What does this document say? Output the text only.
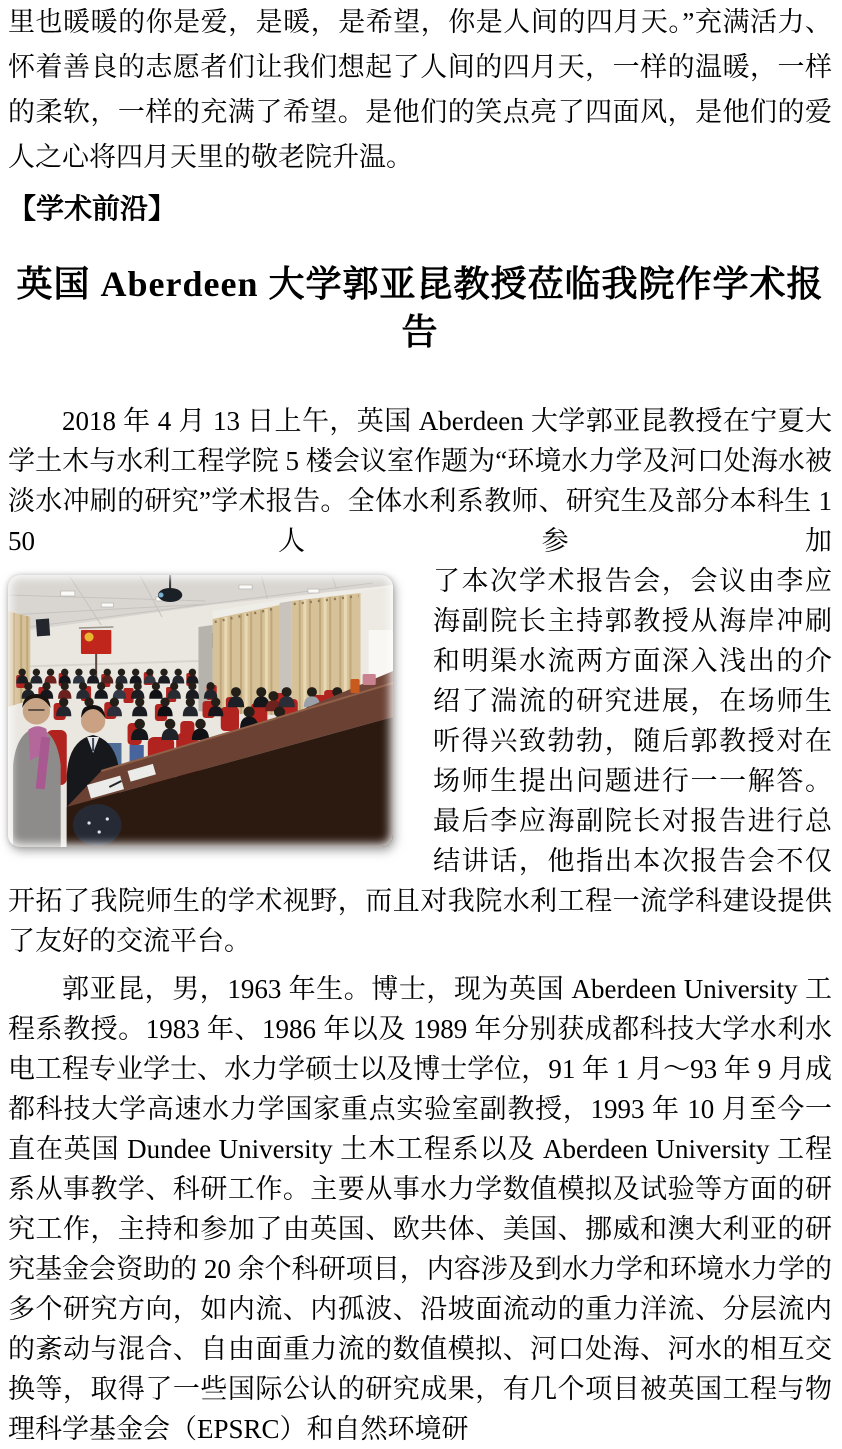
里也暖暖的你是爱，是暖，是希望，你是人间的四月天。”充满活力、怀着善良的志愿者们让我们想起了人间的四月天，一样的温暖，一样的柔软，一样的充满了希望。是他们的笑点亮了四面风，是他们的爱人之心将四月天里的敬老院升温。

【学术前沿】
英国 Aberdeen 大学郭亚昆教授莅临我院作学术报告

2018 年 4 月 13 日上午，英国 Aberdeen 大学郭亚昆教授在宁夏大学土木与水利工程学院 5 楼会议室作题为“环境水力学及河口处海水被淡水冲刷的研究”学术报告。全体水利系教师、研究生及部分本科生 150 人参加

了本次学术报告会，会议由李应海副院长主持郭教授从海岸冲刷和明渠水流两方面深入浅出的介绍了湍流的研究进展，在场师生听得兴致勃勃，随后郭教授对在场师生提出问题进行一一解答。最后李应海副院长对报告进行总结讲话，他指出本次报告会不仅开拓了我院师生的学术视野，而且对我院水利工程一流学科建设提供了友好的交流平台。

郭亚昆，男，1963 年生。博士，现为英国 Aberdeen University 工程系教授。1983 年、1986 年以及 1989 年分别获成都科技大学水利水电工程专业学士、水力学硕士以及博士学位，91 年 1 月～93 年 9 月成都科技大学高速水力学国家重点实验室副教授，1993 年 10 月至今一直在英国 Dundee University 土木工程系以及 Aberdeen University 工程系从事教学、科研工作。主要从事水力学数值模拟及试验等方面的研究工作，主持和参加了由英国、欧共体、美国、挪威和澳大利亚的研究基金会资助的 20 余个科研项目，内容涉及到水力学和环境水力学的多个研究方向，如内流、内孤波、沿坡面流动的重力洋流、分层流内的紊动与混合、自由面重力流的数值模拟、河口处海、河水的相互交换等，取得了一些国际公认的研究成果，有几个项目被英国工程与物理科学基金会（EPSRC）和自然环境研
